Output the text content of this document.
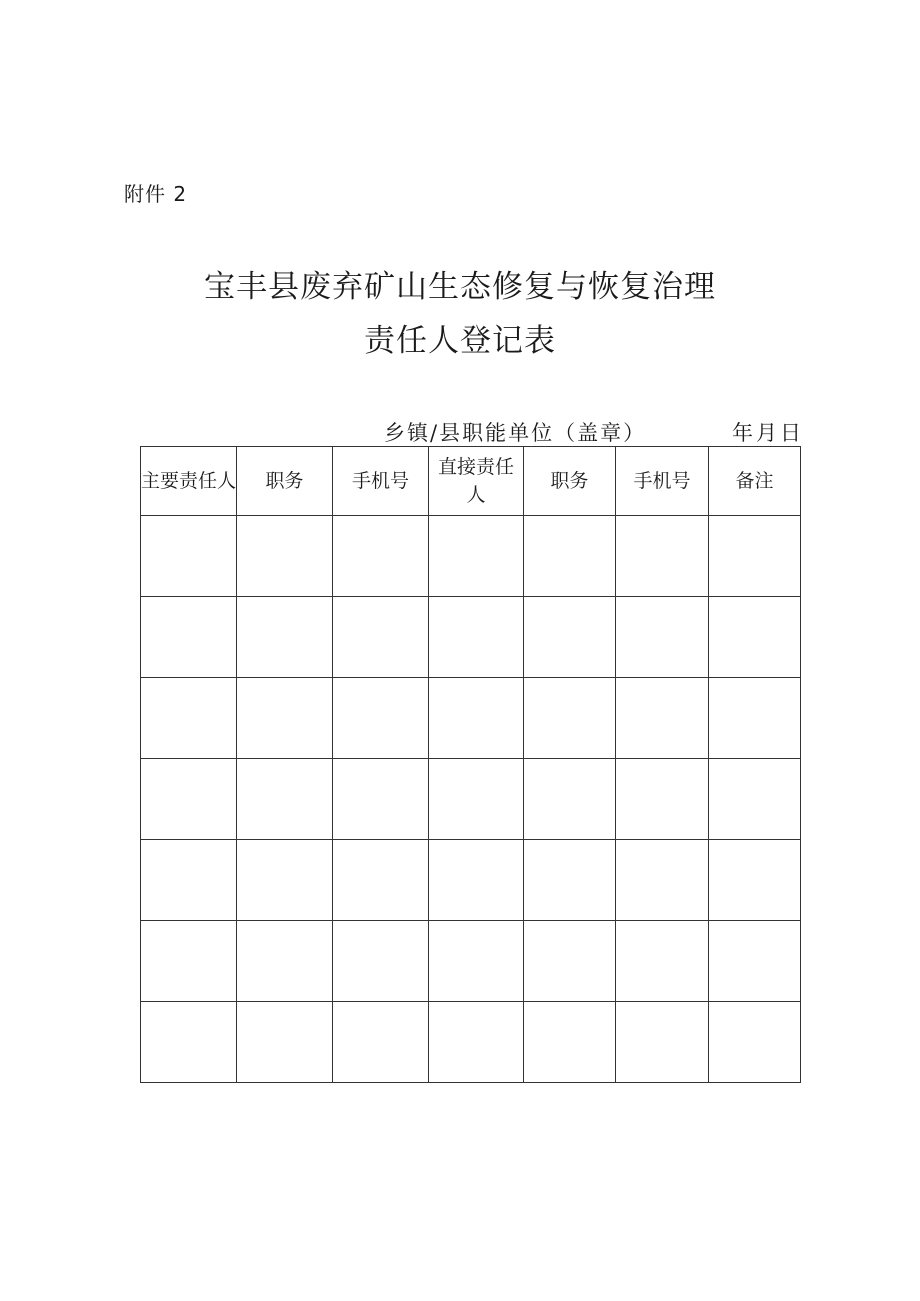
附件 2
宝丰县废弃矿山生态修复与恢复治理
责任人登记表
乡镇/县职能单位（盖章）	年月日
主要责任人	职务	手机号	直接责任人	职务	手机号	备注
